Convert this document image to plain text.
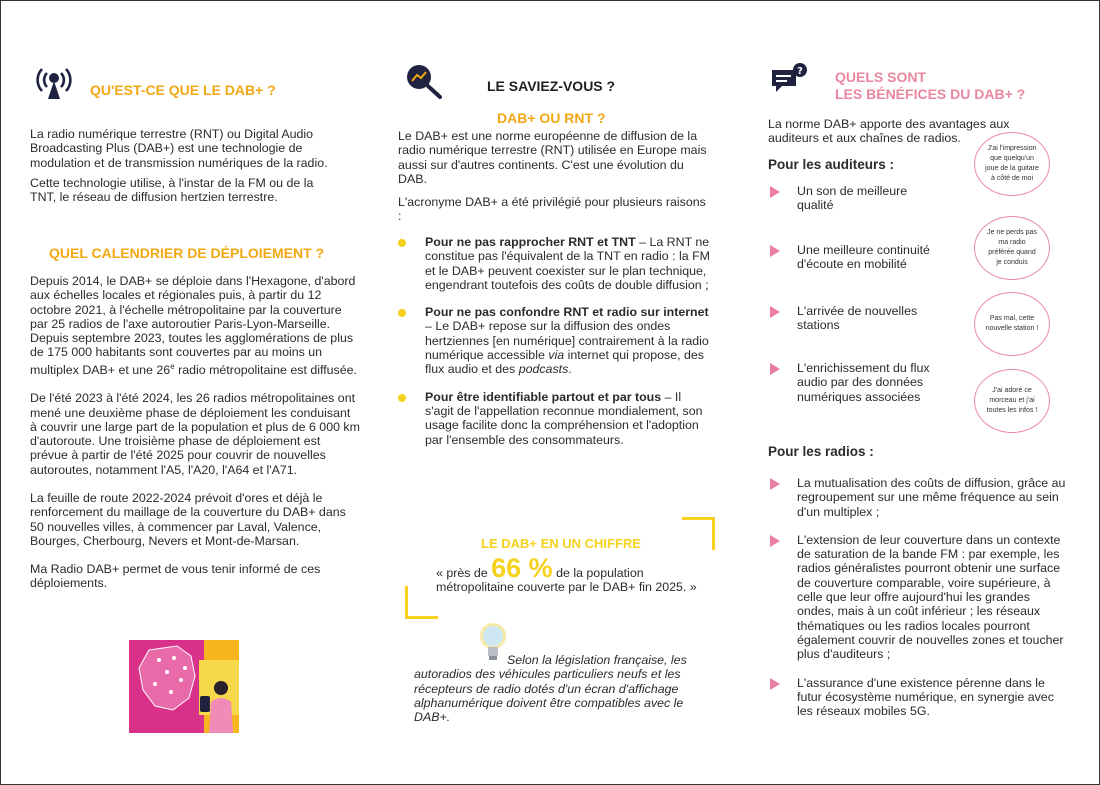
QU'EST-CE QUE LE DAB+ ?

La radio numérique terrestre (RNT) ou Digital Audio Broadcasting Plus (DAB+) est une technologie de modulation et de transmission numériques de la radio.

Cette technologie utilise, à l'instar de la FM ou de la TNT, le réseau de diffusion hertzien terrestre.

QUEL CALENDRIER DE DÉPLOIEMENT ?

Depuis 2014, le DAB+ se déploie dans l'Hexagone, d'abord aux échelles locales et régionales puis, à partir du 12 octobre 2021, à l'échelle métropolitaine par la couverture par 25 radios de l'axe autoroutier Paris-Lyon-Marseille. Depuis septembre 2023, toutes les agglomérations de plus de 175 000 habitants sont couvertes par au moins un multiplex DAB+ et une 26e radio métropolitaine est diffusée.

De l'été 2023 à l'été 2024, les 26 radios métropolitaines ont mené une deuxième phase de déploiement les conduisant à couvrir une large part de la population et plus de 6 000 km d'autoroute. Une troisième phase de déploiement est prévue à partir de l'été 2025 pour couvrir de nouvelles autoroutes, notamment l'A5, l'A20, l'A64 et l'A71.

La feuille de route 2022-2024 prévoit d'ores et déjà le renforcement du maillage de la couverture du DAB+ dans 50 nouvelles villes, à commencer par Laval, Valence, Bourges, Cherbourg, Nevers et Mont-de-Marsan.

Ma Radio DAB+ permet de vous tenir informé de ces déploiements.

LE SAVIEZ-VOUS ?
DAB+ OU RNT ?

Le DAB+ est une norme européenne de diffusion de la radio numérique terrestre (RNT) utilisée en Europe mais aussi sur d'autres continents. C'est une évolution du DAB.

L'acronyme DAB+ a été privilégié pour plusieurs raisons :

Pour ne pas rapprocher RNT et TNT – La RNT ne constitue pas l'équivalent de la TNT en radio : la FM et le DAB+ peuvent coexister sur le plan technique, engendrant toutefois des coûts de double diffusion ;
Pour ne pas confondre RNT et radio sur internet – Le DAB+ repose sur la diffusion des ondes hertziennes [en numérique] contrairement à la radio numérique accessible via internet qui propose, des flux audio et des podcasts.
Pour être identifiable partout et par tous – Il s'agit de l'appellation reconnue mondialement, son usage facilite donc la compréhension et l'adoption par l'ensemble des consommateurs.
LE DAB+ EN UN CHIFFRE
« près de 66 % de la population métropolitaine couverte par le DAB+ fin 2025. »
Selon la législation française, les autoradios des véhicules particuliers neufs et les récepteurs de radio dotés d'un écran d'affichage alphanumérique doivent être compatibles avec le DAB+.
? QUELS SONT
LES BÉNÉFICES DU DAB+ ?
La norme DAB+ apporte des avantages aux auditeurs et aux chaînes de radios.
Pour les auditeurs :
Un son de meilleure qualité
Une meilleure continuité d'écoute en mobilité
L'arrivée de nouvelles stations
L'enrichissement du flux audio par des données numériques associées
J'ai l'impression que quelqu'un joue de la guitare à côté de moi
Je ne perds pas ma radio préférée quand je conduis
Pas mal, cette nouvelle station !
J'ai adoré ce morceau et j'ai toutes les infos !
Pour les radios :
La mutualisation des coûts de diffusion, grâce au regroupement sur une même fréquence au sein d'un multiplex ;
L'extension de leur couverture dans un contexte de saturation de la bande FM : par exemple, les radios généralistes pourront obtenir une surface de couverture comparable, voire supérieure, à celle que leur offre aujourd'hui les grandes ondes, mais à un coût inférieur ; les réseaux thématiques ou les radios locales pourront également couvrir de nouvelles zones et toucher plus d'auditeurs ;
L'assurance d'une existence pérenne dans le futur écosystème numérique, en synergie avec les réseaux mobiles 5G.
